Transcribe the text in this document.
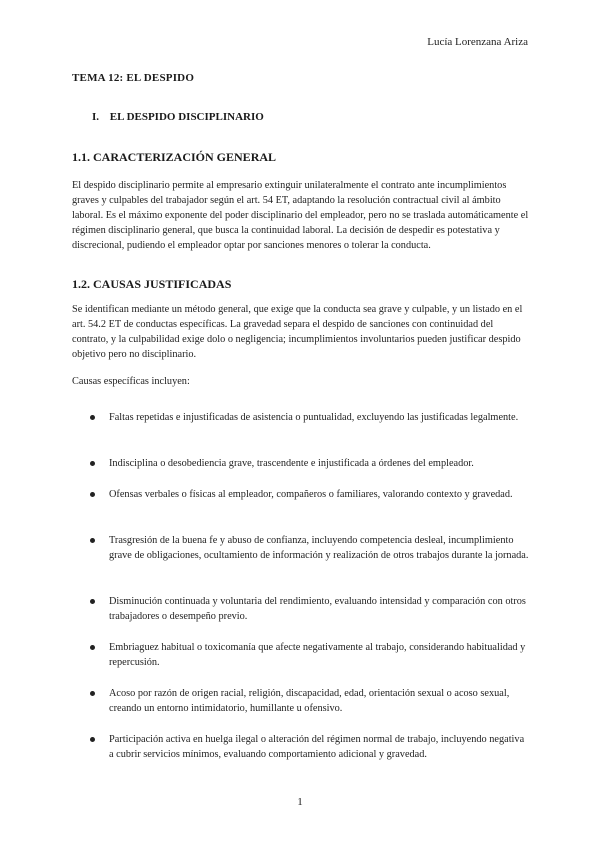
Lucía Lorenzana Ariza
TEMA 12: EL DESPIDO
I. EL DESPIDO DISCIPLINARIO
1.1. CARACTERIZACIÓN GENERAL
El despido disciplinario permite al empresario extinguir unilateralmente el contrato ante incumplimientos graves y culpables del trabajador según el art. 54 ET, adaptando la resolución contractual civil al ámbito laboral. Es el máximo exponente del poder disciplinario del empleador, pero no se traslada automáticamente el régimen disciplinario general, que busca la continuidad laboral. La decisión de despedir es potestativa y discrecional, pudiendo el empleador optar por sanciones menores o tolerar la conducta.
1.2. CAUSAS JUSTIFICADAS
Se identifican mediante un método general, que exige que la conducta sea grave y culpable, y un listado en el art. 54.2 ET de conductas específicas. La gravedad separa el despido de sanciones con continuidad del contrato, y la culpabilidad exige dolo o negligencia; incumplimientos involuntarios pueden justificar despido objetivo pero no disciplinario.
Causas específicas incluyen:
Faltas repetidas e injustificadas de asistencia o puntualidad, excluyendo las justificadas legalmente.
Indisciplina o desobediencia grave, trascendente e injustificada a órdenes del empleador.
Ofensas verbales o físicas al empleador, compañeros o familiares, valorando contexto y gravedad.
Trasgresión de la buena fe y abuso de confianza, incluyendo competencia desleal, incumplimiento grave de obligaciones, ocultamiento de información y realización de otros trabajos durante la jornada.
Disminución continuada y voluntaria del rendimiento, evaluando intensidad y comparación con otros trabajadores o desempeño previo.
Embriaguez habitual o toxicomanía que afecte negativamente al trabajo, considerando habitualidad y repercusión.
Acoso por razón de origen racial, religión, discapacidad, edad, orientación sexual o acoso sexual, creando un entorno intimidatorio, humillante u ofensivo.
Participación activa en huelga ilegal o alteración del régimen normal de trabajo, incluyendo negativa a cubrir servicios mínimos, evaluando comportamiento adicional y gravedad.
1
